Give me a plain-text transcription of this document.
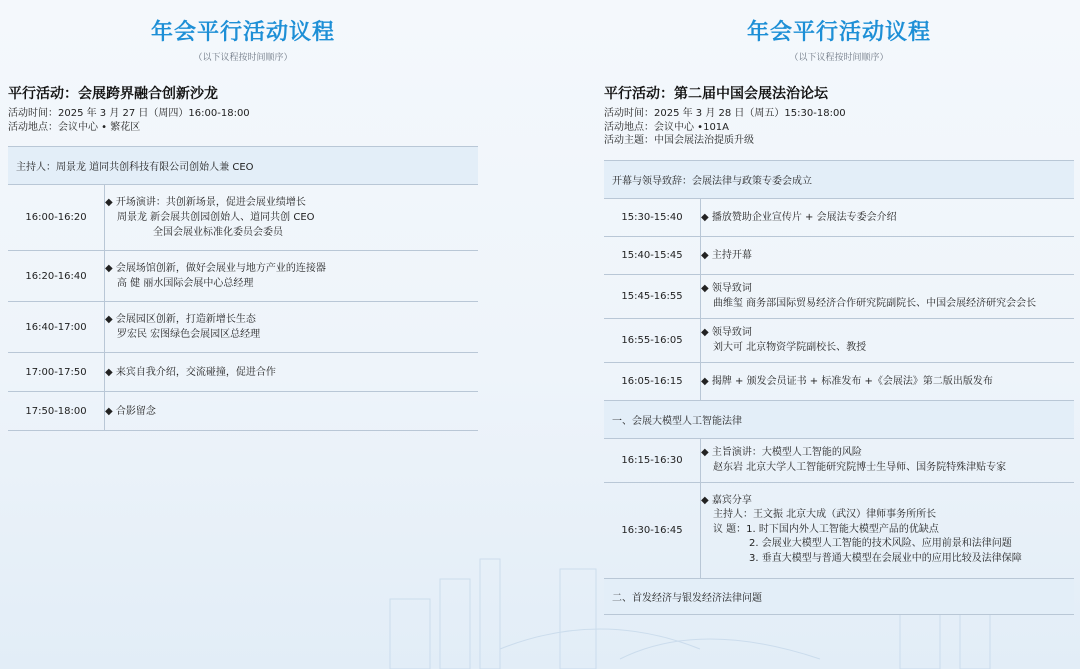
年会平行活动议程
（以下议程按时间顺序）
平行活动：会展跨界融合创新沙龙
活动时间：2025 年 3 月 27 日（周四）16:00-18:00
活动地点：会议中心 • 繁花区
主持人：周景龙 道同共创科技有限公司创始人兼 CEO	
16:00-16:20	◆ 开场演讲：共创新场景，促进会展业绩增长
周景龙 新会展共创园创始人、道同共创 CEO
全国会展业标准化委员会委员

16:20-16:40	◆ 会展场馆创新，做好会展业与地方产业的连接器
高 健 丽水国际会展中心总经理

16:40-17:00	◆ 会展园区创新，打造新增长生态
罗宏民 宏图绿色会展园区总经理

17:00-17:50	◆ 来宾自我介绍，交流碰撞，促进合作

17:50-18:00	◆ 合影留念
年会平行活动议程
（以下议程按时间顺序）
平行活动：第二届中国会展法治论坛
活动时间：2025 年 3 月 28 日（周五）15:30-18:00
活动地点：会议中心 •101A
活动主题：中国会展法治提质升级
开幕与领导致辞：会展法律与政策专委会成立	
15:30-15:40	◆ 播放赞助企业宣传片 + 会展法专委会介绍

15:40-15:45	◆ 主持开幕

15:45-16:55	◆ 领导致词
曲维玺 商务部国际贸易经济合作研究院副院长、中国会展经济研究会会长

16:55-16:05	◆ 领导致词
刘大可 北京物资学院副校长、教授

16:05-16:15	◆ 揭牌 + 颁发会员证书 + 标准发布 +《会展法》第二版出版发布

一、会展大模型人工智能法律	
16:15-16:30	◆ 主旨演讲：大模型人工智能的风险
赵东岩 北京大学人工智能研究院博士生导师、国务院特殊津贴专家

16:30-16:45	◆ 嘉宾分享
主持人：王文振 北京大成（武汉）律师事务所所长
议 题：1. 时下国内外人工智能大模型产品的优缺点
2. 会展业大模型人工智能的技术风险、应用前景和法律问题
3. 垂直大模型与普通大模型在会展业中的应用比较及法律保障

二、首发经济与银发经济法律问题	
